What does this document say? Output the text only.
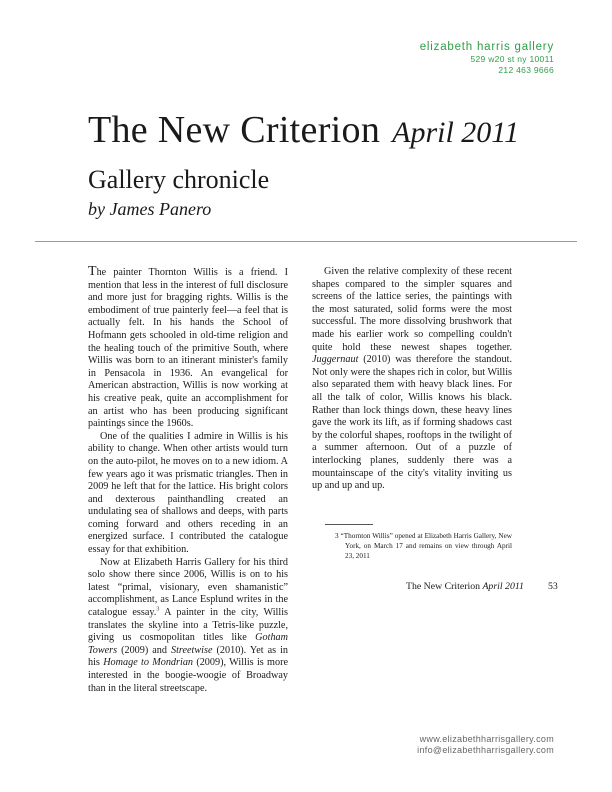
elizabeth harris gallery
529 w20 st ny 10011
212 463 9666
The New Criterion April 2011
Gallery chronicle
by James Panero

The painter Thornton Willis is a friend. I mention that less in the interest of full disclosure and more just for bragging rights. Willis is the embodiment of true painterly feel—a feel that is actually felt. In his hands the School of Hofmann gets schooled in old-time religion and the healing touch of the primitive South, where Willis was born to an itinerant minister's family in Pensacola in 1936. An evangelical for American abstraction, Willis is now working at his creative peak, quite an accomplishment for an artist who has been producing significant paintings since the 1960s.

One of the qualities I admire in Willis is his ability to change. When other artists would turn on the auto-pilot, he moves on to a new idiom. A few years ago it was prismatic triangles. Then in 2009 he left that for the lattice. His bright colors and dexterous painthandling created an undulating sea of shallows and deeps, with parts coming forward and others receding in an energized surface. I contributed the catalogue essay for that exhibition.

Now at Elizabeth Harris Gallery for his third solo show there since 2006, Willis is on to his latest “primal, visionary, even shamanistic” accomplishment, as Lance Esplund writes in the catalogue essay.$^3$ A painter in the city, Willis translates the skyline into a Tetris-like puzzle, giving us cosmopolitan titles like Gotham Towers (2009) and Streetwise (2010). Yet as in his Homage to Mondrian (2009), Willis is more interested in the boogie-woogie of Broadway than in the literal streetscape.

Given the relative complexity of these recent shapes compared to the simpler squares and screens of the lattice series, the paintings with the most saturated, solid forms were the most successful. The more dissolving brushwork that made his earlier work so compelling couldn't quite hold these newest shapes together. Juggernaut (2010) was therefore the standout. Not only were the shapes rich in color, but Willis also separated them with heavy black lines. For all the talk of color, Willis knows his black. Rather than lock things down, these heavy lines gave the work its lift, as if forming shadows cast by the colorful shapes, rooftops in the twilight of a summer afternoon. Out of a puzzle of interlocking planes, suddenly there was a mountainscape of the city's vitality inviting us up and up and up.

3 “Thornton Willis” opened at Elizabeth Harris Gallery, New York, on March 17 and remains on view through April 23, 2011
The New Criterion April 2011 53
www.elizabethharrisgallery.com
info@elizabethharrisgallery.com
